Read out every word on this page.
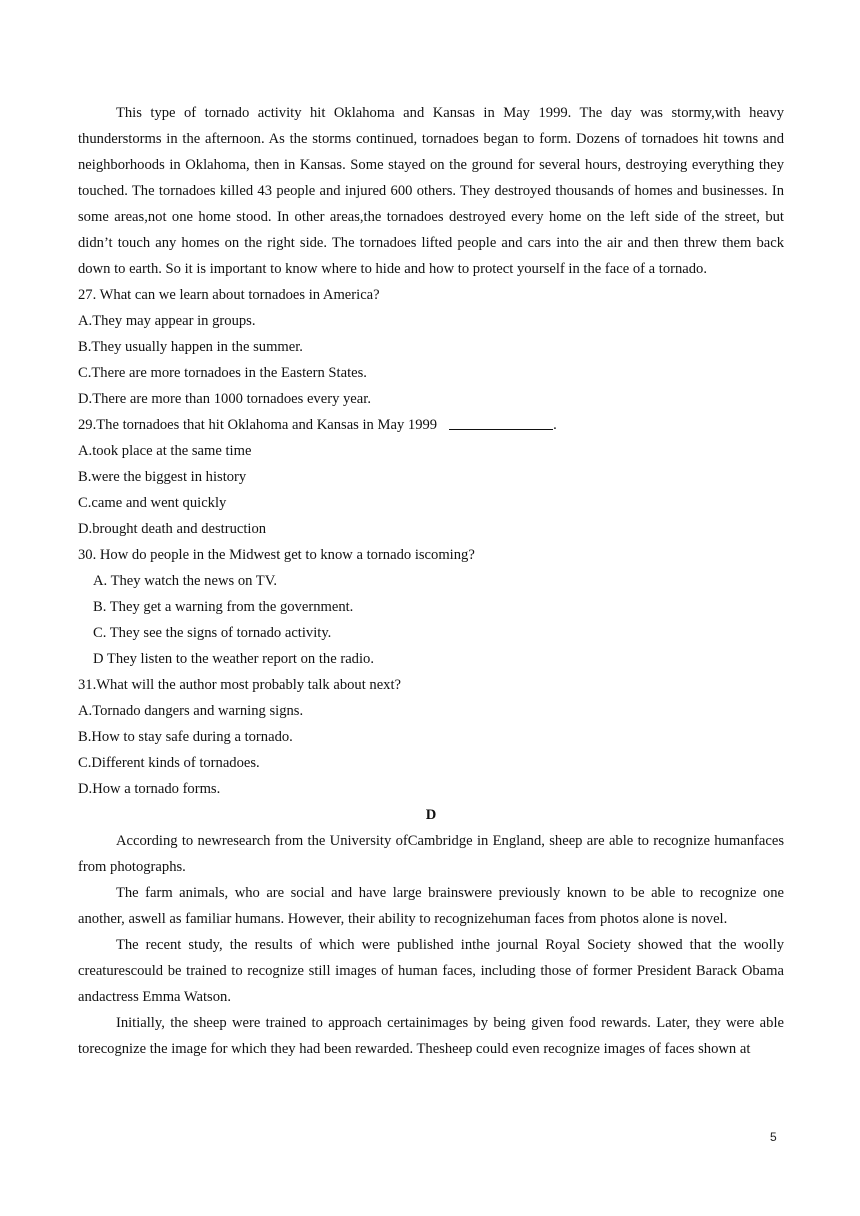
This type of tornado activity hit Oklahoma and Kansas in May 1999. The day was stormy,with heavy thunderstorms in the afternoon. As the storms continued, tornadoes began to form. Dozens of tornadoes hit towns and neighborhoods in Oklahoma, then in Kansas. Some stayed on the ground for several hours, destroying everything they touched. The tornadoes killed 43 people and injured 600 others. They destroyed thousands of homes and businesses. In some areas,not one home stood. In other areas,the tornadoes destroyed every home on the left side of the street, but didn’t touch any homes on the right side. The tornadoes lifted people and cars into the air and then threw them back down to earth. So it is important to know where to hide and how to protect yourself in the face of a tornado.

27. What can we learn about tornadoes in America?

A.They may appear in groups.

B.They usually happen in the summer.

C.There are more tornadoes in the Eastern States.

D.There are more than 1000 tornadoes every year.

29.The tornadoes that hit Oklahoma and Kansas in May 1999	.

A.took place at the same time

B.were the biggest in history

C.came and went quickly

D.brought death and destruction

30. How do people in the Midwest get to know a tornado iscoming?

A. They watch the news on TV.

B. They get a warning from the government.

C. They see the signs of tornado activity.

D They listen to the weather report on the radio.

31.What will the author most probably talk about next?

A.Tornado dangers and warning signs.

B.How to stay safe during a tornado.

C.Different kinds of tornadoes.

D.How a tornado forms.

D

According to newresearch from the University ofCambridge in England, sheep are able to recognize humanfaces from photographs.

The farm animals, who are social and have large brainswere previously known to be able to recognize one another, aswell as familiar humans. However, their ability to recognizehuman faces from photos alone is novel.

The recent study, the results of which were published inthe journal Royal Society showed that the woolly creaturescould be trained to recognize still images of human faces, including those of former President Barack Obama andactress Emma Watson.

Initially, the sheep were trained to approach certainimages by being given food rewards. Later, they were able torecognize the image for which they had been rewarded. Thesheep could even recognize images of faces shown at

5
